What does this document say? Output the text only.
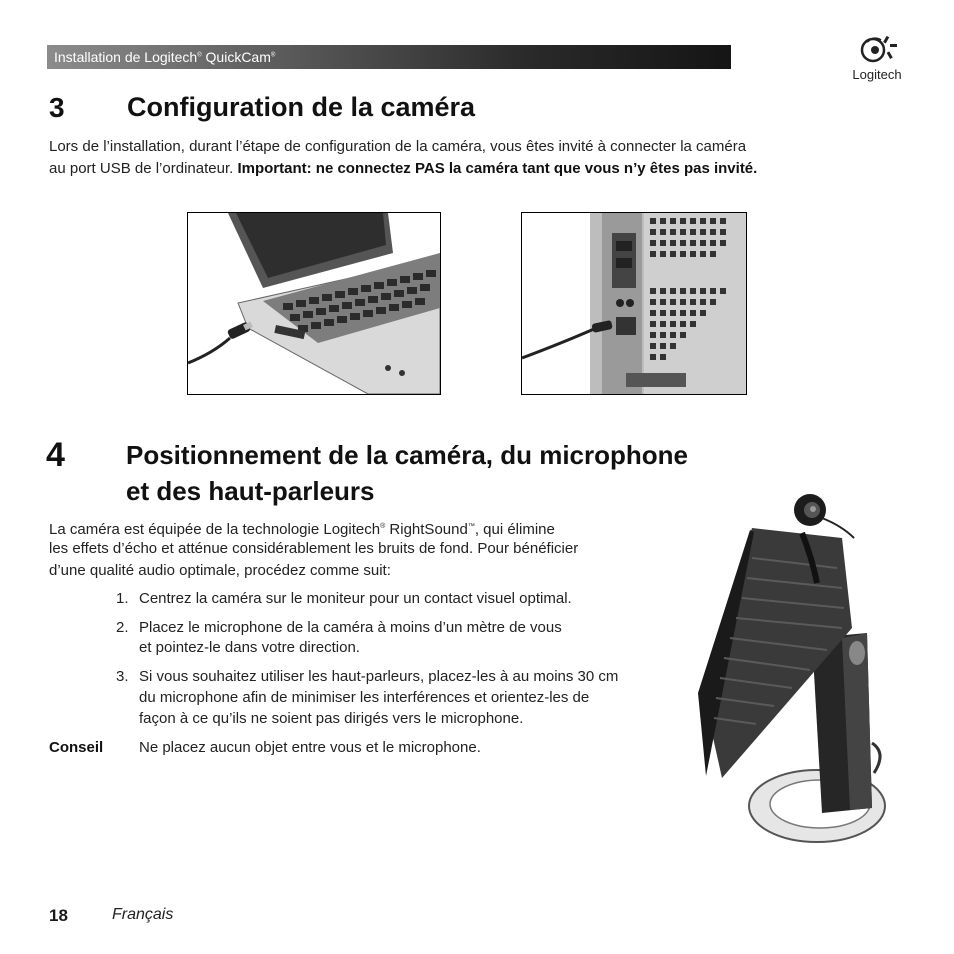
Installation de Logitech® QuickCam®
Logitech
3 Configuration de la caméra
Lors de l’installation, durant l’étape de configuration de la caméra, vous êtes invité à connecter la caméra
au port USB de l’ordinateur. Important: ne connectez PAS la caméra tant que vous n’y êtes pas invité.
4 Positionnement de la caméra, du microphone
et des haut-parleurs
La caméra est équipée de la technologie Logitech® RightSound™, qui élimine
les effets d’écho et atténue considérablement les bruits de fond. Pour bénéficier
d’une qualité audio optimale, procédez comme suit:
1. Centrez la caméra sur le moniteur pour un contact visuel optimal.
2. Placez le microphone de la caméra à moins d’un mètre de vous
et pointez-le dans votre direction.
3. Si vous souhaitez utiliser les haut-parleurs, placez-les à au moins 30 cm
du microphone afin de minimiser les interférences et orientez-les de
façon à ce qu’ils ne soient pas dirigés vers le microphone.
Conseil Ne placez aucun objet entre vous et le microphone.
18	Français
